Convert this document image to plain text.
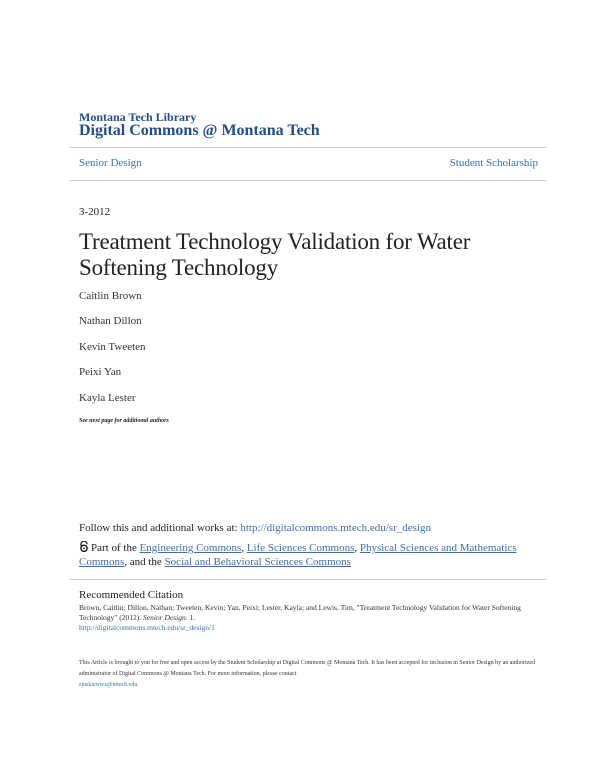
Montana Tech Library
Digital Commons @ Montana Tech
Senior Design	Student Scholarship
3-2012
Treatment Technology Validation for Water Softening Technology
Caitlin Brown
Nathan Dillon
Kevin Tweeten
Peixi Yan
Kayla Lester
See next page for additional authors
Follow this and additional works at: http://digitalcommons.mtech.edu/sr_design
Part of the Engineering Commons, Life Sciences Commons, Physical Sciences and Mathematics Commons, and the Social and Behavioral Sciences Commons
Recommended Citation
Brown, Caitlin; Dillon, Nathan; Tweeten, Kevin; Yan, Peixi; Lester, Kayla; and Lewis, Tim, "Treatment Technology Validation for Water Softening Technology" (2012). Senior Design. 1.
http://digitalcommons.mtech.edu/sr_design/1
This Article is brought to you for free and open access by the Student Scholarship at Digital Commons @ Montana Tech. It has been accepted for inclusion in Senior Design by an authorized administrator of Digital Commons @ Montana Tech. For more information, please contact
sjuskiewicz@mtech.edu.
